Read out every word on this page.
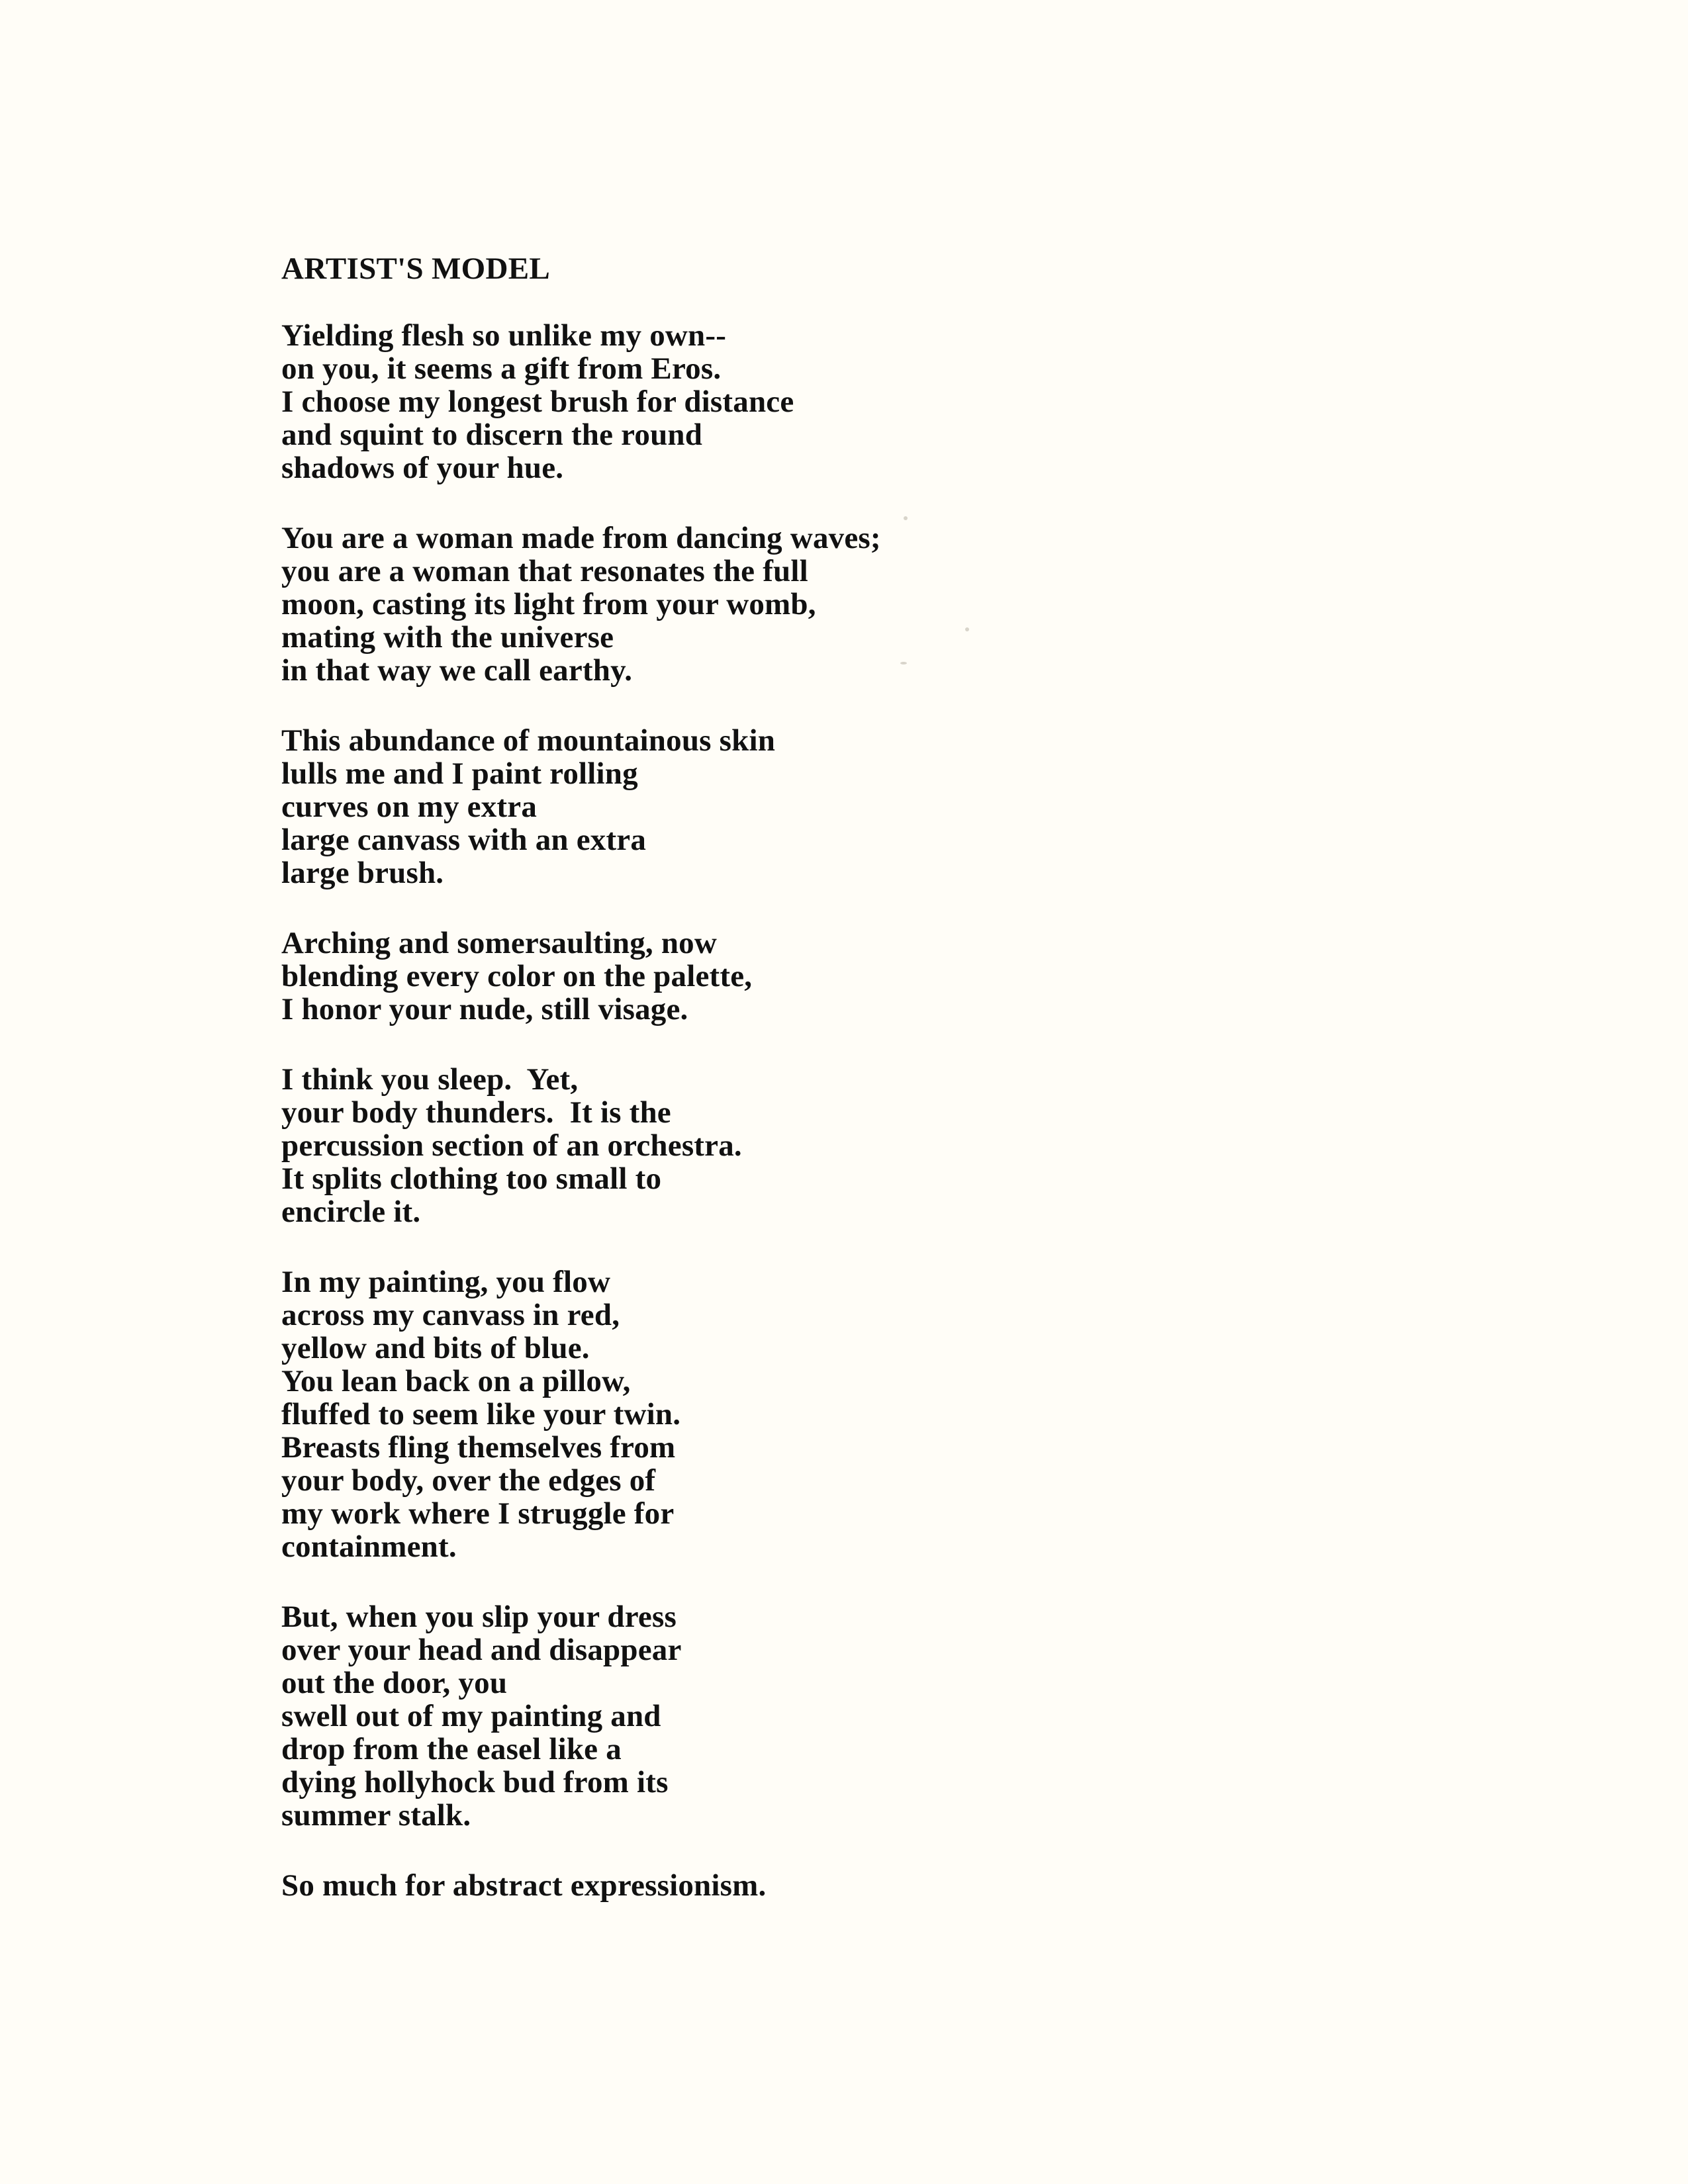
ARTIST'S MODEL
Yielding flesh so unlike my own--
on you, it seems a gift from Eros.
I choose my longest brush for distance
and squint to discern the round
shadows of your hue.
You are a woman made from dancing waves;
you are a woman that resonates the full
moon, casting its light from your womb,
mating with the universe
in that way we call earthy.
This abundance of mountainous skin
lulls me and I paint rolling
curves on my extra
large canvass with an extra
large brush.
Arching and somersaulting, now
blending every color on the palette,
I honor your nude, still visage.
I think you sleep.  Yet,
your body thunders.  It is the
percussion section of an orchestra.
It splits clothing too small to
encircle it.
In my painting, you flow
across my canvass in red,
yellow and bits of blue.
You lean back on a pillow,
fluffed to seem like your twin.
Breasts fling themselves from
your body, over the edges of
my work where I struggle for
containment.
But, when you slip your dress
over your head and disappear
out the door, you
swell out of my painting and
drop from the easel like a
dying hollyhock bud from its
summer stalk.
So much for abstract expressionism.
